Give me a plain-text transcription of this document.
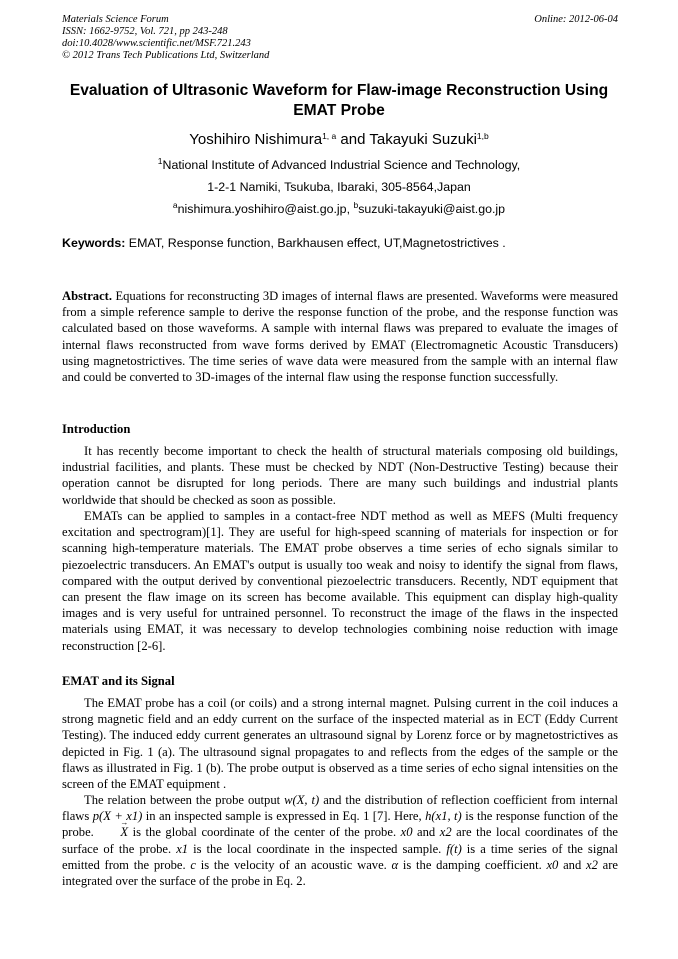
Materials Science Forum
ISSN: 1662-9752, Vol. 721, pp 243-248
doi:10.4028/www.scientific.net/MSF.721.243
© 2012 Trans Tech Publications Ltd, Switzerland
Online: 2012-06-04
Evaluation of Ultrasonic Waveform for Flaw-image Reconstruction Using EMAT Probe
Yoshihiro Nishimura$^{1, a}$ and Takayuki Suzuki$^{1,b}$
$^1$National Institute of Advanced Industrial Science and Technology,
1-2-1 Namiki, Tsukuba, Ibaraki, 305-8564,Japan
$^a$nishimura.yoshihiro@aist.go.jp, $^b$suzuki-takayuki@aist.go.jp
Keywords: EMAT, Response function, Barkhausen effect, UT,Magnetostrictives .
Abstract. Equations for reconstructing 3D images of internal flaws are presented. Waveforms were measured from a simple reference sample to derive the response function of the probe, and the response function was calculated based on those waveforms. A sample with internal flaws was prepared to evaluate the images of internal flaws reconstructed from wave forms derived by EMAT (Electromagnetic Acoustic Transducers) using magnetostrictives. The time series of wave data were measured from the sample with an internal flaw and could be converted to 3D-images of the internal flaw using the response function successfully.
Introduction
It has recently become important to check the health of structural materials composing old buildings, industrial facilities, and plants. These must be checked by NDT (Non-Destructive Testing) because their operation cannot be disrupted for long periods. There are many such buildings and industrial plants worldwide that should be checked as soon as possible.
EMATs can be applied to samples in a contact-free NDT method as well as MEFS (Multi frequency excitation and spectrogram)[1]. They are useful for high-speed scanning of materials for inspection or for scanning high-temperature materials. The EMAT probe observes a time series of echo signals similar to piezoelectric transducers. An EMAT's output is usually too weak and noisy to identify the signal from flaws, compared with the output derived by conventional piezoelectric transducers. Recently, NDT equipment that can present the flaw image on its screen has become available. This equipment can display high-quality images and is very useful for untrained personnel. To reconstruct the image of the flaws in the inspected materials using EMAT, it was necessary to develop technologies combining noise reduction with image reconstruction [2-6].
EMAT and its Signal
The EMAT probe has a coil (or coils) and a strong internal magnet. Pulsing current in the coil induces a strong magnetic field and an eddy current on the surface of the inspected material as in ECT (Eddy Current Testing). The induced eddy current generates an ultrasound signal by Lorenz force or by magnetostrictives as depicted in Fig. 1 (a). The ultrasound signal propagates to and reflects from the edges of the sample or the flaws as illustrated in Fig. 1 (b). The probe output is observed as a time series of echo signal intensities on the screen of the EMAT equipment .
The relation between the probe output w(X, t) and the distribution of reflection coefficient from internal flaws p(X + x1) in an inspected sample is expressed in Eq. 1 [7]. Here, h(x1, t) is the response function of the probe. → X is the global coordinate of the center of the probe. x0 and x2 are the local coordinates of the surface of the probe. x1 is the local coordinate in the inspected sample. f(t) is a time series of the signal emitted from the probe. c is the velocity of an acoustic wave. α is the damping coefficient. x0 and x2 are integrated over the surface of the probe in Eq. 2.
